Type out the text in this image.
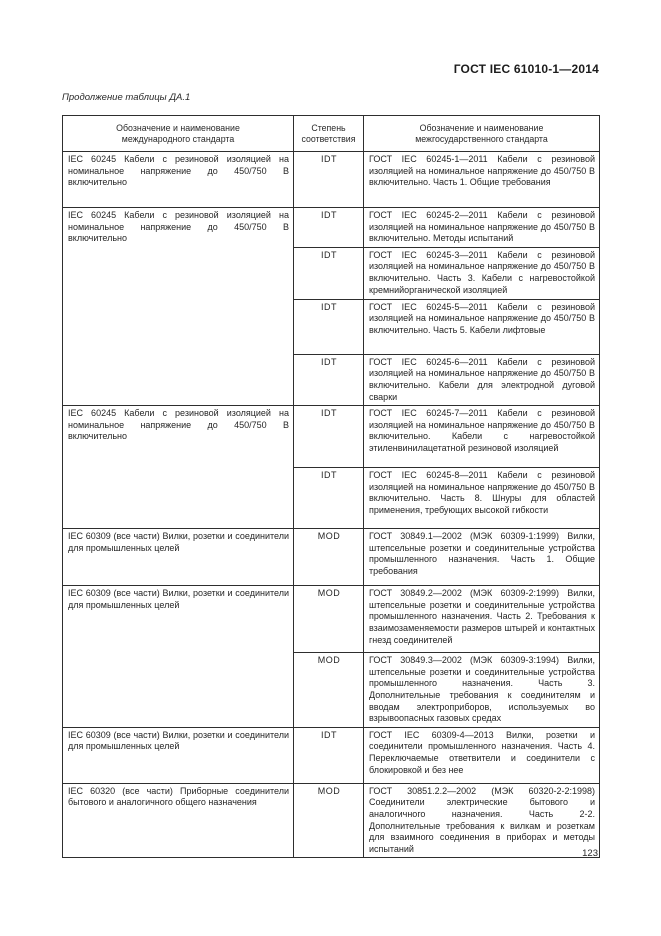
ГОСТ IEC 61010-1—2014
Продолжение таблицы ДА.1
Обозначение и наименование международного стандарта	Степень соответствия	Обозначение и наименование межгосударственного стандарта

IEC 60245 Кабели с резиновой изоляцией на номинальное напряжение до 450/750 В включительно	IDT	ГОСТ IEC 60245-1—2011 Кабели с резиновой изоляцией на номинальное напряжение до 450/750 В включительно. Часть 1. Общие требования
IEC 60245 Кабели с резиновой изоляцией на номинальное напряжение до 450/750 В включительно	IDT	ГОСТ IEC 60245-2—2011 Кабели с резиновой изоляцией на номинальное напряжение до 450/750 В включительно. Методы испытаний
	IDT	ГОСТ IEC 60245-3—2011 Кабели с резиновой изоляцией на номинальное напряжение до 450/750 В включительно. Часть 3. Кабели с нагревостойкой кремнийорганической изоляцией
	IDT	ГОСТ IEC 60245-5—2011 Кабели с резиновой изоляцией на номинальное напряжение до 450/750 В включительно. Часть 5. Кабели лифтовые
	IDT	ГОСТ IEC 60245-6—2011 Кабели с резиновой изоляцией на номинальное напряжение до 450/750 В включительно. Кабели для электродной дуговой сварки
IEC 60245 Кабели с резиновой изоляцией на номинальное напряжение до 450/750 В включительно	IDT	ГОСТ IEC 60245-7—2011 Кабели с резиновой изоляцией на номинальное напряжение до 450/750 В включительно. Кабели с нагревостойкой этиленвинилацетатной резиновой изоляцией
	IDT	ГОСТ IEC 60245-8—2011 Кабели с резиновой изоляцией на номинальное напряжение до 450/750 В включительно. Часть 8. Шнуры для областей применения, требующих высокой гибкости
IEC 60309 (все части) Вилки, розетки и соединители для промышленных целей	MOD	ГОСТ 30849.1—2002 (МЭК 60309-1:1999) Вилки, штепсельные розетки и соединительные устройства промышленного назначения. Часть 1. Общие требования
IEC 60309 (все части) Вилки, розетки и соединители для промышленных целей	MOD	ГОСТ 30849.2—2002 (МЭК 60309-2:1999) Вилки, штепсельные розетки и соединительные устройства промышленного назначения. Часть 2. Требования к взаимозаменяемости размеров штырей и контактных гнезд соединителей
	MOD	ГОСТ 30849.3—2002 (МЭК 60309-3:1994) Вилки, штепсельные розетки и соединительные устройства промышленного назначения. Часть 3. Дополнительные требования к соединителям и вводам электроприборов, используемых во взрывоопасных газовых средах
IEC 60309 (все части) Вилки, розетки и соединители для промышленных целей	IDT	ГОСТ IEC 60309-4—2013 Вилки, розетки и соединители промышленного назначения. Часть 4. Переключаемые ответвители и соединители с блокировкой и без нее
IEC 60320 (все части) Приборные соединители бытового и аналогичного общего назначения	MOD	ГОСТ 30851.2.2—2002 (МЭК 60320-2-2:1998) Соединители электрические бытового и аналогичного назначения. Часть 2-2. Дополнительные требования к вилкам и розеткам для взаимного соединения в приборах и методы испытаний	123
